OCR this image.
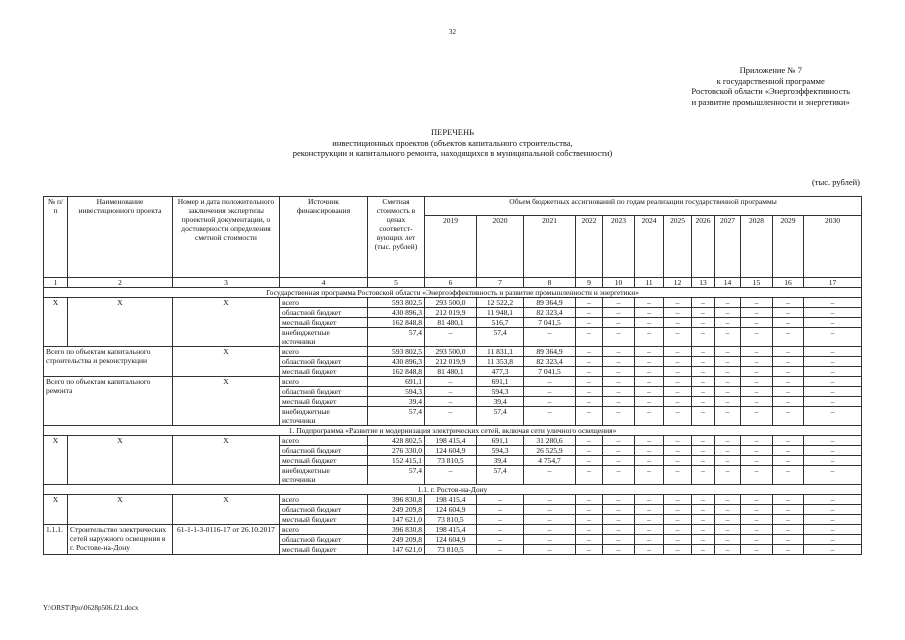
32
Приложение № 7
к государственной программе
Ростовской области «Энергоэффективность
и развитие промышленности и энергетики»
ПЕРЕЧЕНЬ
инвестиционных проектов (объектов капитального строительства,
реконструкции и капитального ремонта, находящихся в муниципальной собственности)
(тыс. рублей)
№ п/п	Наименование инвестиционного проекта	Номер и дата положительного заключения экспертизы проектной документации, о достоверности определения сметной стоимости	Источник финансирования	Сметная стоимость в ценах соответст-вующих лет (тыс. рублей)	Объем бюджетных ассигнований по годам реализации государственной программы											
					2019	2020	2021	2022	2023	2024	2025	2026	2027	2028	2029	2030
1	2	3	4	5	6	7	8	9	10	11	12	13	14	15	16	17
Государственная программа Ростовской области «Энергоэффективность и развитие промышленности и энергетики»																
Х	Х	Х	всего	593 802,5	293 500,0	12 522,2	89 364,9	–	–	–	–	–	–	–	–	–
			областной бюджет	430 896,3	212 019,9	11 948,1	82 323,4	–	–	–	–	–	–	–	–	–
			местный бюджет	162 848,8	81 480,1	516,7	7 041,5	–	–	–	–	–	–	–	–	–
			внебюджетные источники	57,4	–	57,4	–	–	–	–	–	–	–	–	–	–
Всего по объектам капитального строительства и реконструкции		Х	всего	593 802,5	293 500,0	11 831,1	89 364,9	–	–	–	–	–	–	–	–	–
			областной бюджет	430 896,3	212 019,9	11 353,8	82 323,4	–	–	–	–	–	–	–	–	–
			местный бюджет	162 848,8	81 480,1	477,3	7 041,5	–	–	–	–	–	–	–	–	–
Всего по объектам капитального ремонта		Х	всего	691,1	–	691,1	–	–	–	–	–	–	–	–	–	–
			областной бюджет	594,3	–	594,3	–	–	–	–	–	–	–	–	–	–
			местный бюджет	39,4	–	39,4	–	–	–	–	–	–	–	–	–	–
			внебюджетные источники	57,4	–	57,4	–	–	–	–	–	–	–	–	–	–
1. Подпрограмма «Развитие и модернизация электрических сетей, включая сети уличного освещения»																
Х	Х	Х	всего	428 802,5	198 415,4	691,1	31 280,6	–	–	–	–	–	–	–	–	–
			областной бюджет	276 330,0	124 604,9	594,3	26 525,9	–	–	–	–	–	–	–	–	–
			местный бюджет	152 415,1	73 810,5	39,4	4 754,7	–	–	–	–	–	–	–	–	–
			внебюджетные источники	57,4	–	57,4	–	–	–	–	–	–	–	–	–	–
1.1. г. Ростов-на-Дону																
Х	Х	Х	всего	396 830,8	198 415,4	–	–	–	–	–	–	–	–	–	–	–
			областной бюджет	249 209,8	124 604,9	–	–	–	–	–	–	–	–	–	–	–
			местный бюджет	147 621,0	73 810,5	–	–	–	–	–	–	–	–	–	–	–
1.1.1.	Строительство электрических сетей наружного освещения в г. Ростове-на-Дону	61-1-1-3-0116-17 от 26.10.2017	всего	396 830,8	198 415,4	–	–	–	–	–	–	–	–	–	–	–
			областной бюджет	249 209,8	124 604,9	–	–	–	–	–	–	–	–	–	–	–
			местный бюджет	147 621,0	73 810,5	–	–	–	–	–	–	–	–	–	–	–
Y:\ORST\Ppo\0628p506.f21.docx
